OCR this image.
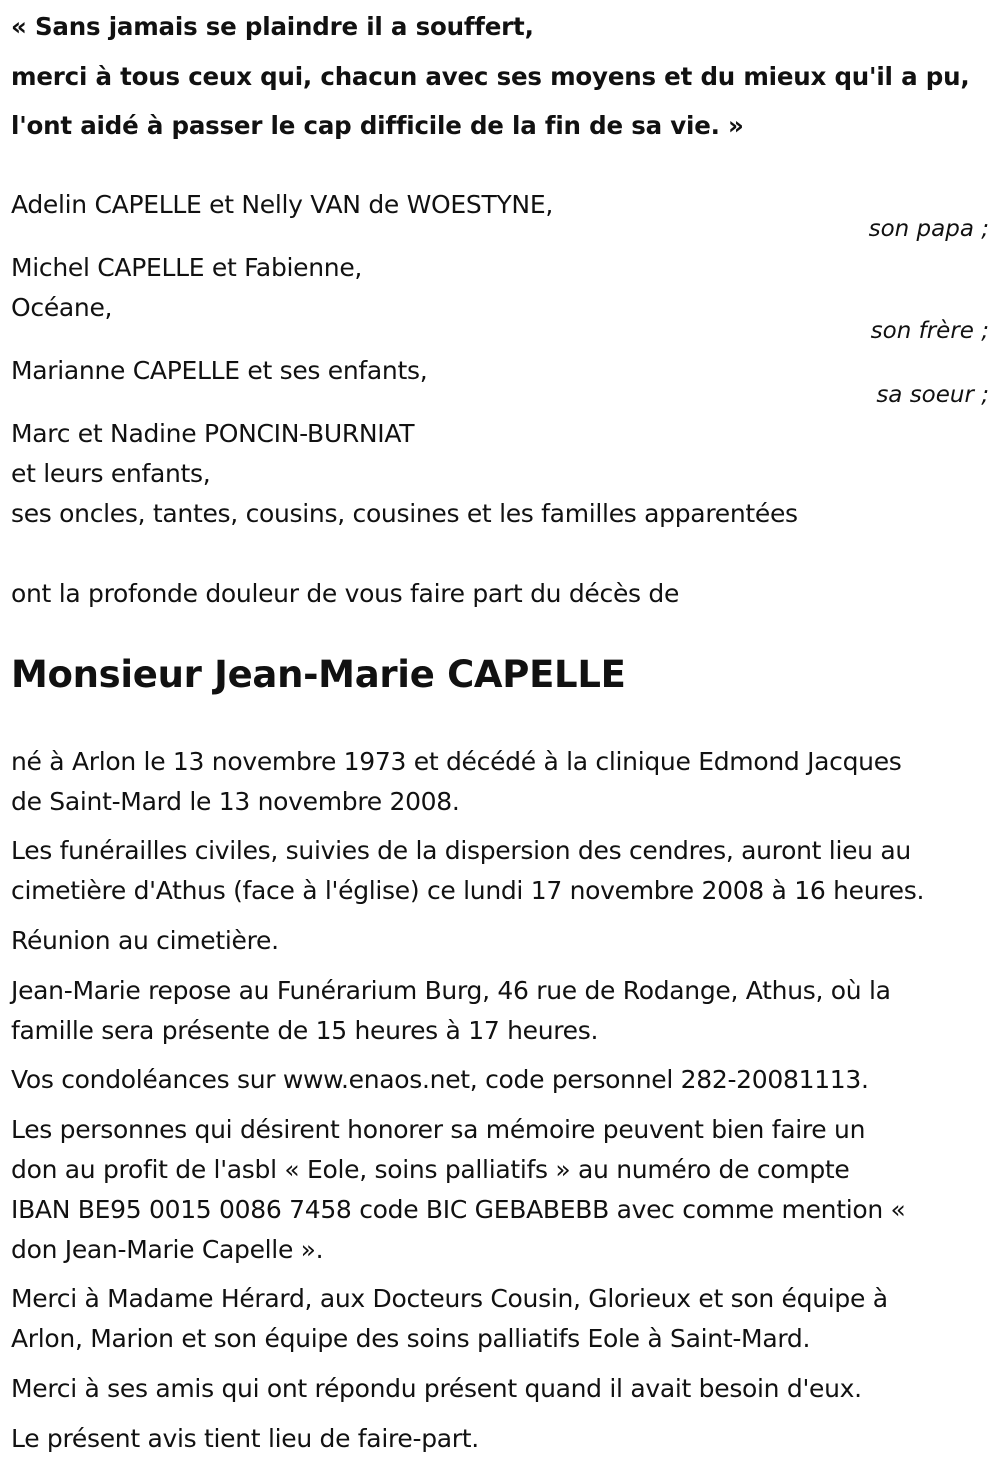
« Sans jamais se plaindre il a souffert,
merci à tous ceux qui, chacun avec ses moyens et du mieux qu'il a pu,
l'ont aidé à passer le cap difficile de la fin de sa vie. »
Adelin CAPELLE et Nelly VAN de WOESTYNE,
son papa ;
Michel CAPELLE et Fabienne,
Océane,
son frère ;
Marianne CAPELLE et ses enfants,
sa soeur ;
Marc et Nadine PONCIN-BURNIAT
et leurs enfants,
ses oncles, tantes, cousins, cousines et les familles apparentées
ont la profonde douleur de vous faire part du décès de
Monsieur Jean-Marie CAPELLE
né à Arlon le 13 novembre 1973 et décédé à la clinique Edmond Jacques
de Saint-Mard le 13 novembre 2008.
Les funérailles civiles, suivies de la dispersion des cendres, auront lieu au
cimetière d'Athus (face à l'église) ce lundi 17 novembre 2008 à 16 heures.
Réunion au cimetière.
Jean-Marie repose au Funérarium Burg, 46 rue de Rodange, Athus, où la
famille sera présente de 15 heures à 17 heures.
Vos condoléances sur www.enaos.net, code personnel 282-20081113.
Les personnes qui désirent honorer sa mémoire peuvent bien faire un
don au profit de l'asbl « Eole, soins palliatifs » au numéro de compte
IBAN BE95 0015 0086 7458 code BIC GEBABEBB avec comme mention «
don Jean-Marie Capelle ».
Merci à Madame Hérard, aux Docteurs Cousin, Glorieux et son équipe à
Arlon, Marion et son équipe des soins palliatifs Eole à Saint-Mard.
Merci à ses amis qui ont répondu présent quand il avait besoin d'eux.
Le présent avis tient lieu de faire-part.
